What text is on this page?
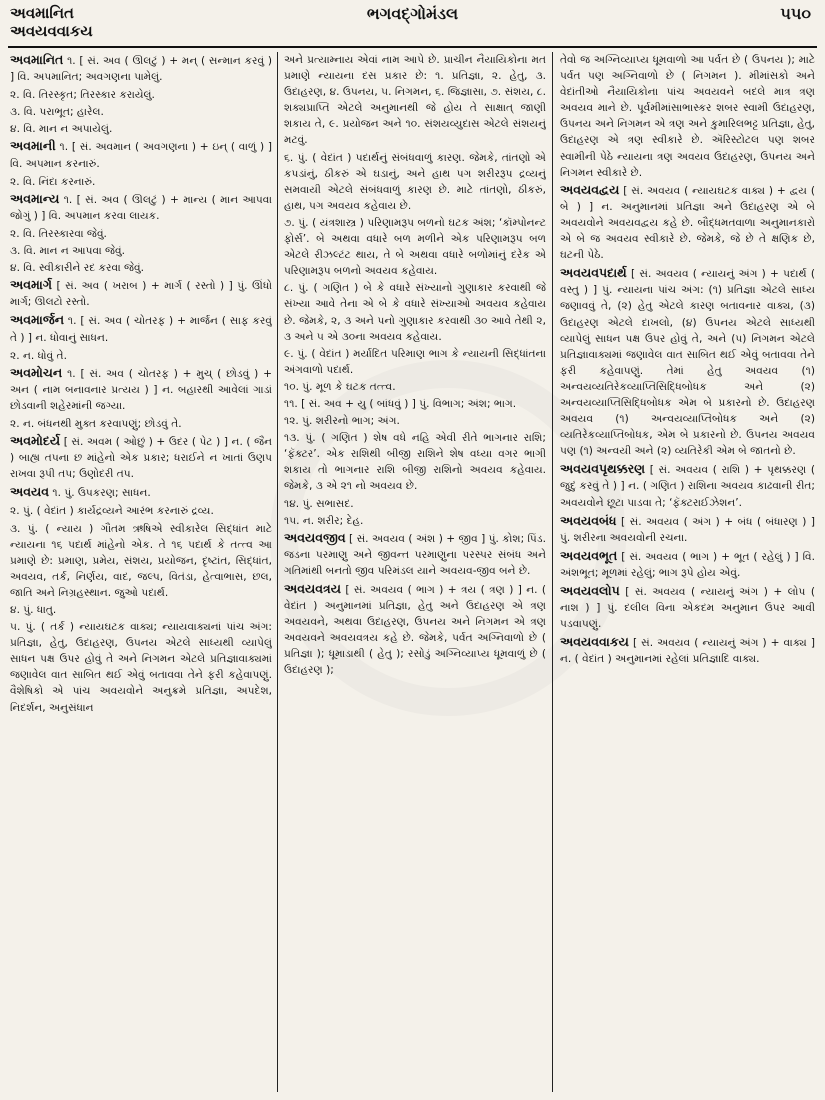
અવમાનિત
અવયવવાકય
ભગવદ્ગોમંડલ	૫૫૦
અવમાનિત ૧. [ સં. અવ ( ઊલટું ) + મન્ ( સન્માન કરવું ) ] વિ. અપમાનિત; અવગણના પામેલું.
૨. વિ. તિરસ્કૃત; તિરસ્કાર કરાયેલું.
૩. વિ. પરાભૂત; હારેલ.
૪. વિ. માન ન અપાયેલું.
અવમાની ૧. [ સં. અવમાન ( અવગણના ) + ઇન્ ( વાળું ) ] વિ. અપમાન કરનારું.
૨. વિ. નિંદા કરનારું.
અવમાન્ય ૧. [ સં. અવ ( ઊલટું ) + માન્ય ( માન આપવા જોગું ) ] વિ. અપમાન કરવા લાયક.
૨. વિ. તિરસ્કારવા જેવું.
૩. વિ. માન ન આપવા જેવું.
૪. વિ. સ્વીકારીને રદ કરવા જેવું.
અવમાર્ગ [ સં. અવ ( ખરાબ ) + માર્ગ ( રસ્તો ) ] પું. ઊંધો માર્ગ; ઊલટો રસ્તો.
અવમાર્જન ૧. [ સં. અવ ( ચોતરફ ) + માર્જન ( સાફ કરવું તે ) ] ન. ધોવાનું સાધન.
૨. ન. ધોવું તે.
અવમોચન ૧. [ સં. અવ ( ચોતરફ ) + મુચ્ ( છોડવું ) + અન ( નામ બનાવનાર પ્રત્યય ) ] ન. બહારથી આવેલાં ગાડાં છોડવાની શહેરમાંની જગ્યા.
૨. ન. બંધનથી મુક્ત કરવાપણું; છોડવું તે.
અવમોદર્ય [ સં. અવમ ( ઓછું ) + ઉદર ( પેટ ) ] ન. ( જૈન ) બાહ્ય તપના છ માંહેનો એક પ્રકાર; ધરાઈને ન ખાતાં ઉણપ રાખવા રૂપી તપ; ઉણોદરી તપ.
અવયવ ૧. પું. ઉપકરણ; સાધન.
૨. પું. ( વેદાંત ) કાર્યદ્રવ્યને આરંભ કરનારું દ્રવ્ય.
૩. પું. ( ન્યાય ) ગૌતમ ઋષિએ સ્વીકારેલ સિદ્ધાંત માટે ન્યાયના ૧૬ પદાર્થ માંહેનો એક. તે ૧૬ પદાર્થ કે તત્ત્વ આ પ્રમાણે છે: પ્રમાણ, પ્રમેય, સંશય, પ્રયોજન, દૃષ્ટાંત, સિદ્ધાંત, અવયવ, તર્ક, નિર્ણય, વાદ, જલ્પ, વિતંડા, હેત્વાભાસ, છલ, જાતિ અને નિગ્રહસ્થાન. જુઓ પદાર્થ.
૪. પું. ધાતુ.
૫. પું. ( તર્ક ) ન્યાયઘટક વાક્ય; ન્યાયવાક્યનાં પાંચ અંગ: પ્રતિજ્ઞા, હેતુ, ઉદાહરણ, ઉપનય એટલે સાધ્યથી વ્યાપેલું સાધન પક્ષ ઉપર હોવું તે અને નિગમન એટલે પ્રતિજ્ઞાવાક્યમાં જણાવેલ વાત સાબિત થઈ એવું બતાવવા તેને ફરી કહેવાપણું. વૈશેષિકો એ પાંચ અવયવોને અનુક્રમે પ્રતિજ્ઞા, અપદેશ, નિદર્શન, અનુસંધાન
અને પ્રત્યામ્નાય એવાં નામ આપે છે. પ્રાચીન નૈયાયિકોના મત પ્રમાણે ન્યાયના દસ પ્રકાર છે: ૧. પ્રતિજ્ઞા, ૨. હેતુ, ૩. ઉદાહરણ, ૪. ઉપનય, ૫. નિગમન, ૬. જિજ્ઞાસા, ૭. સંશય, ૮. શક્યપ્રાપ્તિ એટલે અનુમાનથી જે હોય તે સાક્ષાત્ જાણી શકાય તે, ૯. પ્રયોજન અને ૧૦. સંશયવ્યુદાસ એટલે સંશયનું મટવું.
૬. પું. ( વેદાંત ) પદાર્થનું સંબંધવાળું કારણ. જેમકે, તાંતણો એ કપડાંનું, ઠીકરું એ ઘડાનું, અને હાથ પગ શરીરરૂપ દ્રવ્યનું સમવાયી એટલે સંબંધવાળું કારણ છે. માટે તાંતણો, ઠીકરું, હાથ, પગ અવયવ કહેવાય છે.
૭. પું. ( યંત્રશાસ્ત્ર ) પરિણામરૂપ બળનો ઘટક અંશ; ‘કૉમ્પોનન્ટ ફોર્સ’. બે અથવા વધારે બળ મળીને એક પરિણામરૂપ બળ એટલે રીઝલ્ટંટ થાય, તે બે અથવા વધારે બળોમાંનું દરેક એ પરિણામરૂપ બળનો અવયવ કહેવાય.
૮. પું. ( ગણિત ) બે કે વધારે સંખ્યાનો ગુણાકાર કરવાથી જે સંખ્યા આવે તેના એ બે કે વધારે સંખ્યાઓ અવયવ કહેવાય છે. જેમકે, ૨, ૩ અને પનો ગુણાકાર કરવાથી ૩૦ આવે તેથી ૨, ૩ અને ૫ એ ૩૦ના અવયવ કહેવાય.
૯. પું. ( વેદાંત ) મર્યાદિત પરિમાણ ભાગ કે ન્યાયની સિદ્ધાંતના અંગવાળો પદાર્થ.
૧૦. પું. મૂળ કે ઘટક તત્ત્વ.
૧૧. [ સં. અવ + યુ ( બાંધવું ) ] પું. વિભાગ; અંશ; ભાગ.
૧૨. પું. શરીરનો ભાગ; અંગ.
૧૩. પું. ( ગણિત ) શેષ વધે નહિ એવી રીતે ભાગનાર રાશિ; ‘ફૅક્ટર’. એક રાશિથી બીજી રાશિને શેષ વધ્યા વગર ભાગી શકાય તો ભાગનાર રાશિ બીજી રાશિનો અવયવ કહેવાય. જેમકે, ૩ એ ૨૧ નો અવયવ છે.
૧૪. પું. સભાસદ.
૧૫. ન. શરીર; દેહ.
અવયવજીવ [ સં. અવયવ ( અંશ ) + જીવ ] પું. કોશ; પિંડ. જડના પરમાણુ અને જીવન્ત પરમાણુના પરસ્પર સંબંધ અને ગતિમાંથી બનતો જીવ પરિમંડલ યાને અવયવ-જીવ બને છે.
અવયવત્રય [ સં. અવયવ ( ભાગ ) + ત્રય ( ત્રણ ) ] ન. ( વેદાંત ) અનુમાનમાં પ્રતિજ્ઞા, હેતુ અને ઉદાહરણ એ ત્રણ અવયવને, અથવા ઉદાહરણ, ઉપનય અને નિગમન એ ત્રણ અવયવને અવયવત્રય કહે છે. જેમકે, પર્વત અગ્નિવાળો છે ( પ્રતિજ્ઞા ); ધૂમાડાથી ( હેતુ ); રસોડું અગ્નિવ્યાપ્ય ધૂમવાળું છે ( ઉદાહરણ );
તેવો જ અગ્નિવ્યાપ્ય ધૂમવાળો આ પર્વત છે ( ઉપનય ); માટે પર્વત પણ અગ્નિવાળો છે ( નિગમન ). મીમાંસકો અને વેદાંતીઓ નૈયાયિકોના પાંચ અવયવને બદલે માત્ર ત્રણ અવયવ માને છે. પૂર્વમીમાંસાભાસ્કર શબર સ્વામી ઉદાહરણ, ઉપનય અને નિગમન એ ત્રણ અને કુમારિલભટ્ટ પ્રતિજ્ઞા, હેતુ, ઉદાહરણ એ ત્રણ સ્વીકારે છે. ઍરિસ્ટોટલ પણ શબર સ્વામીની પેઠે ન્યાયના ત્રણ અવયવ ઉદાહરણ, ઉપનય અને નિગમન સ્વીકારે છે.
અવયવદ્વય [ સં. અવયવ ( ન્યાયઘટક વાક્ય ) + દ્વય ( બે ) ] ન. અનુમાનમાં પ્રતિજ્ઞા અને ઉદાહરણ એ બે અવયવોને અવયવદ્વય કહે છે. બૌદ્ધમતવાળા અનુમાનકારો એ બે જ અવયવ સ્વીકારે છે. જેમકે, જે છે તે ક્ષણિક છે, ઘટની પેઠે.
અવયવપદાર્થ [ સં. અવયવ ( ન્યાયનું અંગ ) + પદાર્થ ( વસ્તુ ) ] પું. ન્યાયના પાંચ અંગ: (૧) પ્રતિજ્ઞા એટલે સાધ્ય જણાવવું તે, (૨) હેતુ એટલે કારણ બતાવનાર વાક્ય, (૩) ઉદાહરણ એટલે દાખલો, (૪) ઉપનય એટલે સાધ્યથી વ્યાપેલું સાધન પક્ષ ઉપર હોવું તે, અને (૫) નિગમન એટલે પ્રતિજ્ઞાવાક્યમાં જણાવેલ વાત સાબિત થઈ એવું બતાવવા તેને ફરી કહેવાપણું. તેમાં હેતુ અવયવ (૧) અન્વયવ્યતિરેકવ્યાપ્તિસિદ્ધિબોધક અને (૨) અન્વયવ્યાપ્તિસિદ્ધિબોધક એમ બે પ્રકારનો છે. ઉદાહરણ અવયવ (૧) અન્વયવ્યાપ્તિબોધક અને (૨) વ્યતિરેકવ્યાપ્તિબોધક, એમ બે પ્રકારનો છે. ઉપનય અવયવ પણ (૧) અન્વયી અને (૨) વ્યતિરેકી એમ બે જાતનો છે.
અવયવપૃથક્કરણ [ સં. અવયવ ( રાશિ ) + પૃથક્કરણ ( જુદું કરવું તે ) ] ન. ( ગણિત ) રાશિના અવયવ કાઢવાની રીત; અવયવોને છૂટા પાડવા તે; ‘ફૅક્ટરાઈઝેશન’.
અવયવબંધ [ સં. અવયવ ( અંગ ) + બંધ ( બંધારણ ) ] પું. શરીરના અવયવોની રચના.
અવયવભૂત [ સં. અવયવ ( ભાગ ) + ભૂત ( રહેલું ) ] વિ. અંશભૂત; મૂળમાં રહેલું; ભાગ રૂપે હોય એવું.
અવયવલોપ [ સં. અવયવ ( ન્યાયનું અંગ ) + લોપ ( નાશ ) ] પું. દલીલ વિના એકદમ અનુમાન ઉપર આવી પડવાપણું.
અવયવવાકય [ સં. અવયવ ( ન્યાયનું અંગ ) + વાક્ય ] ન. ( વેદાંત ) અનુમાનમાં રહેલાં પ્રતિજ્ઞાદિ વાક્ય.
